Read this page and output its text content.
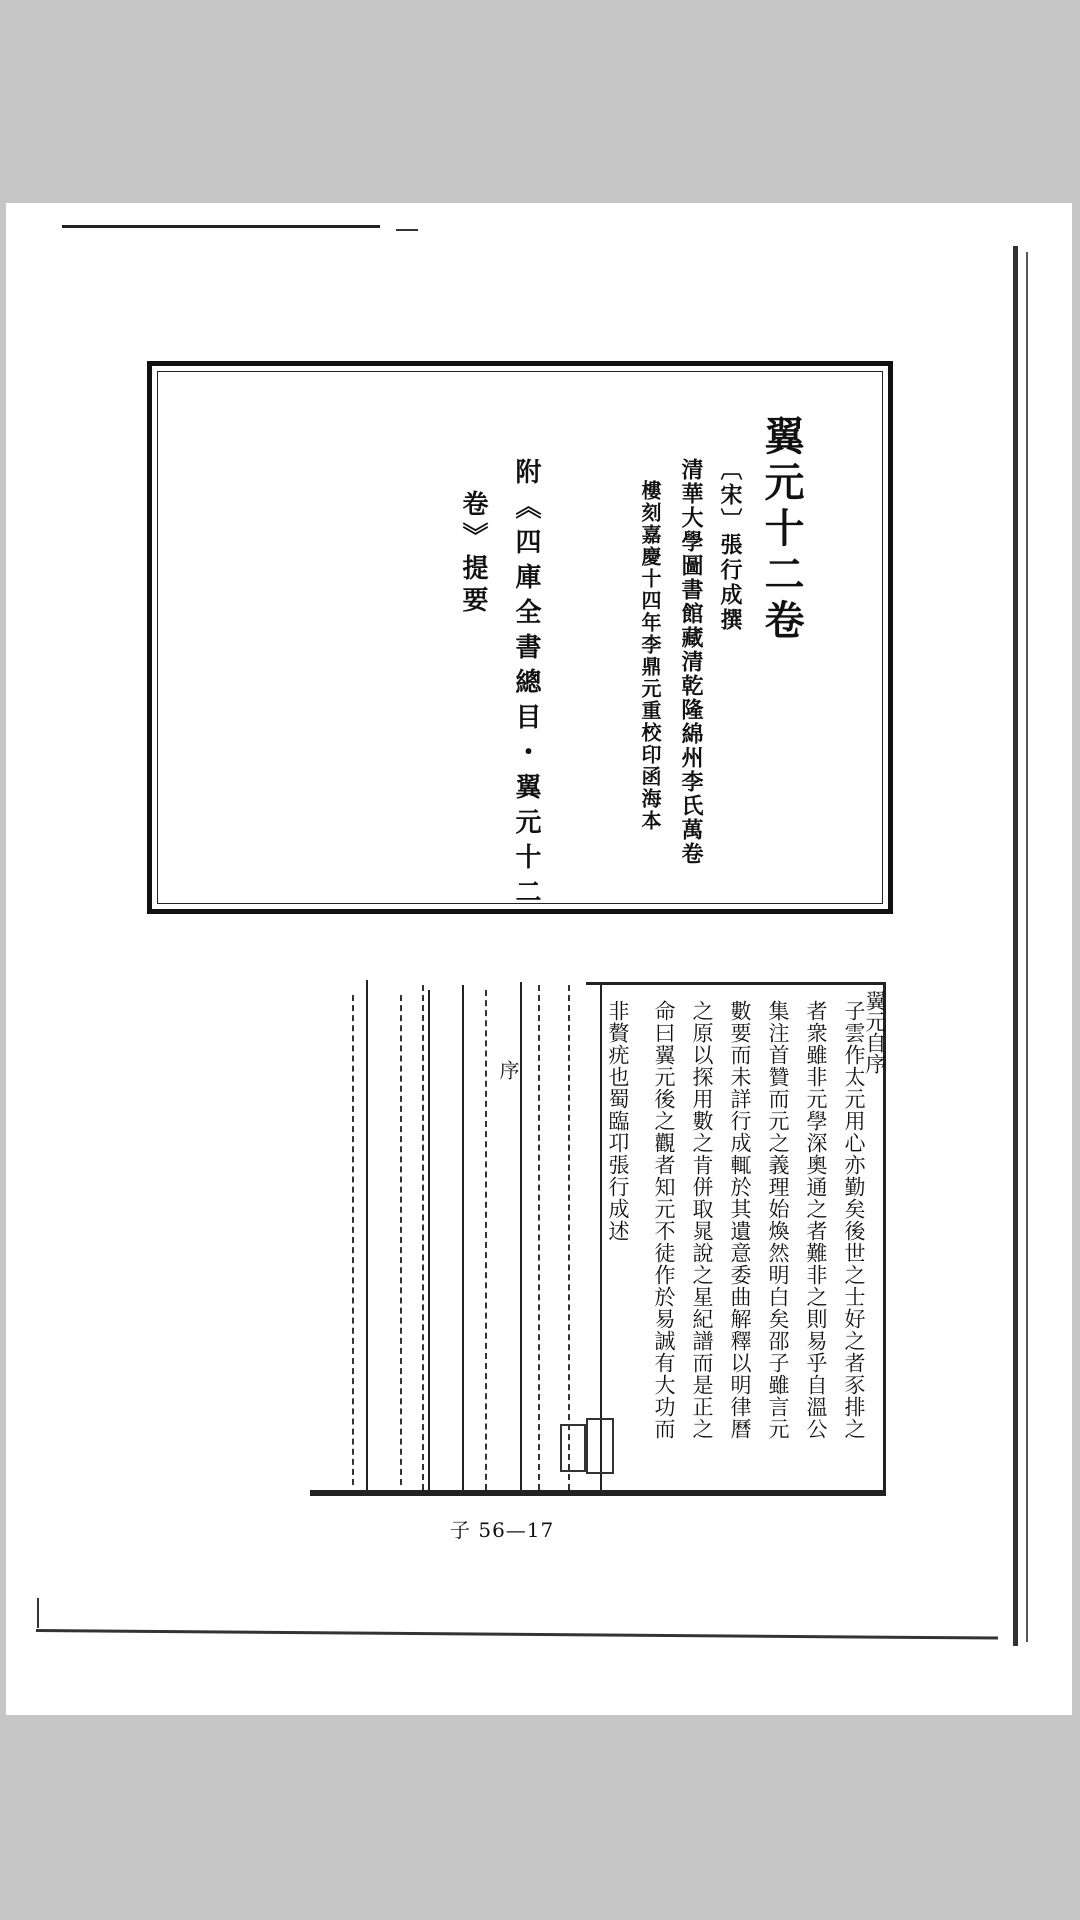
翼元十二卷
〔宋〕張行成撰
清華大學圖書館藏清乾隆綿州李氏萬卷
樓刻嘉慶十四年李鼎元重校印函海本
附《四庫全書總目・翼元十二
卷》提要
翼元自序
序	子雲作太元用心亦勤矣後世之士好之者豕排之
者衆雖非元學深奧通之者難非之則易乎自溫公
集注首贊而元之義理始煥然明白矣邵子雖言元
數要而未詳行成輒於其遺意委曲解釋以明律曆
之原以探用數之肯併取晁說之星紀譜而是正之
命曰翼元後之觀者知元不徒作於易誠有大功而
非贅疣也蜀臨卭張行成述
子 56—17
